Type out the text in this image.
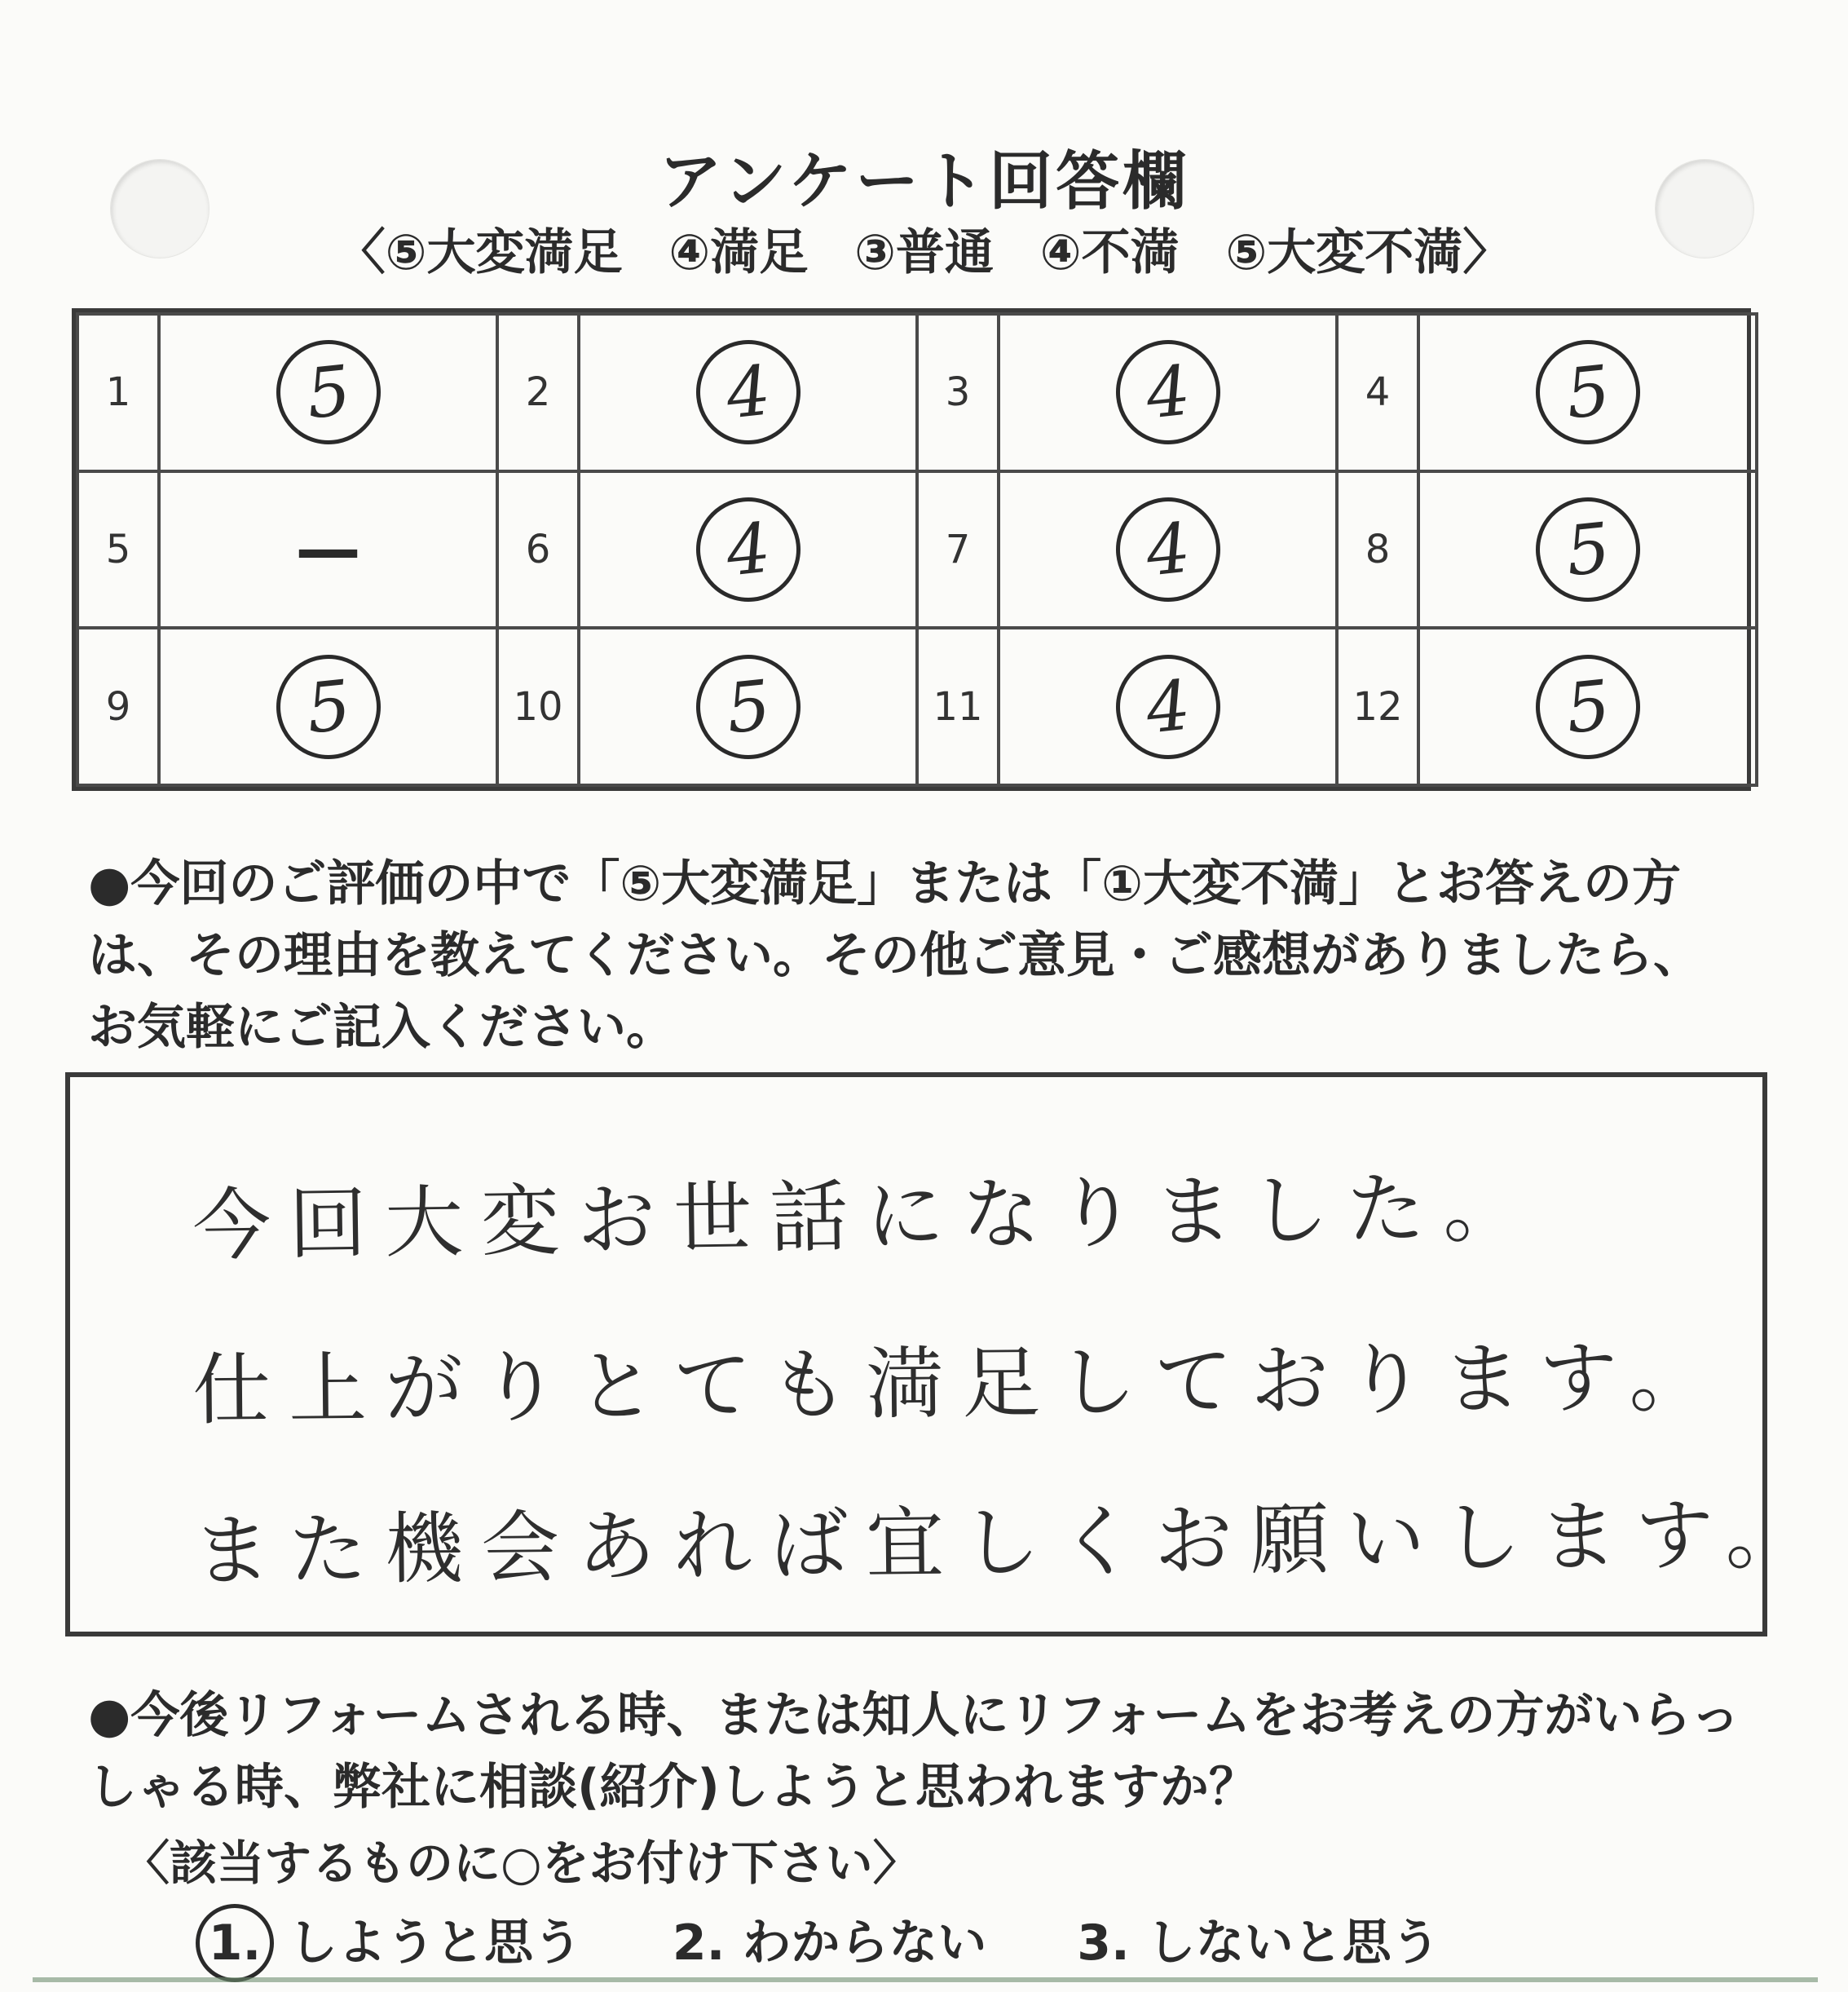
アンケート回答欄
〈⑤大変満足 ④満足 ③普通 ④不満 ⑤大変不満〉
1	5	2	4	3	4	4	5
5	—	6	4	7	4	8	5
9	5	10	5	11	4	12	5
●今回のご評価の中で「⑤大変満足」または「①大変不満」とお答えの方は、その理由を教えてください。その他ご意見・ご感想がありましたら、お気軽にご記入ください。
今回大変お世話になりました。
仕上がりとても満足しております。
また機会あれば宜しくお願いします。
●今後リフォームされる時、または知人にリフォームをお考えの方がいらっしゃる時、弊社に相談(紹介)しようと思われますか？
〈該当するものに○をお付け下さい〉
1. しようと思う 2. わからない 3. しないと思う
